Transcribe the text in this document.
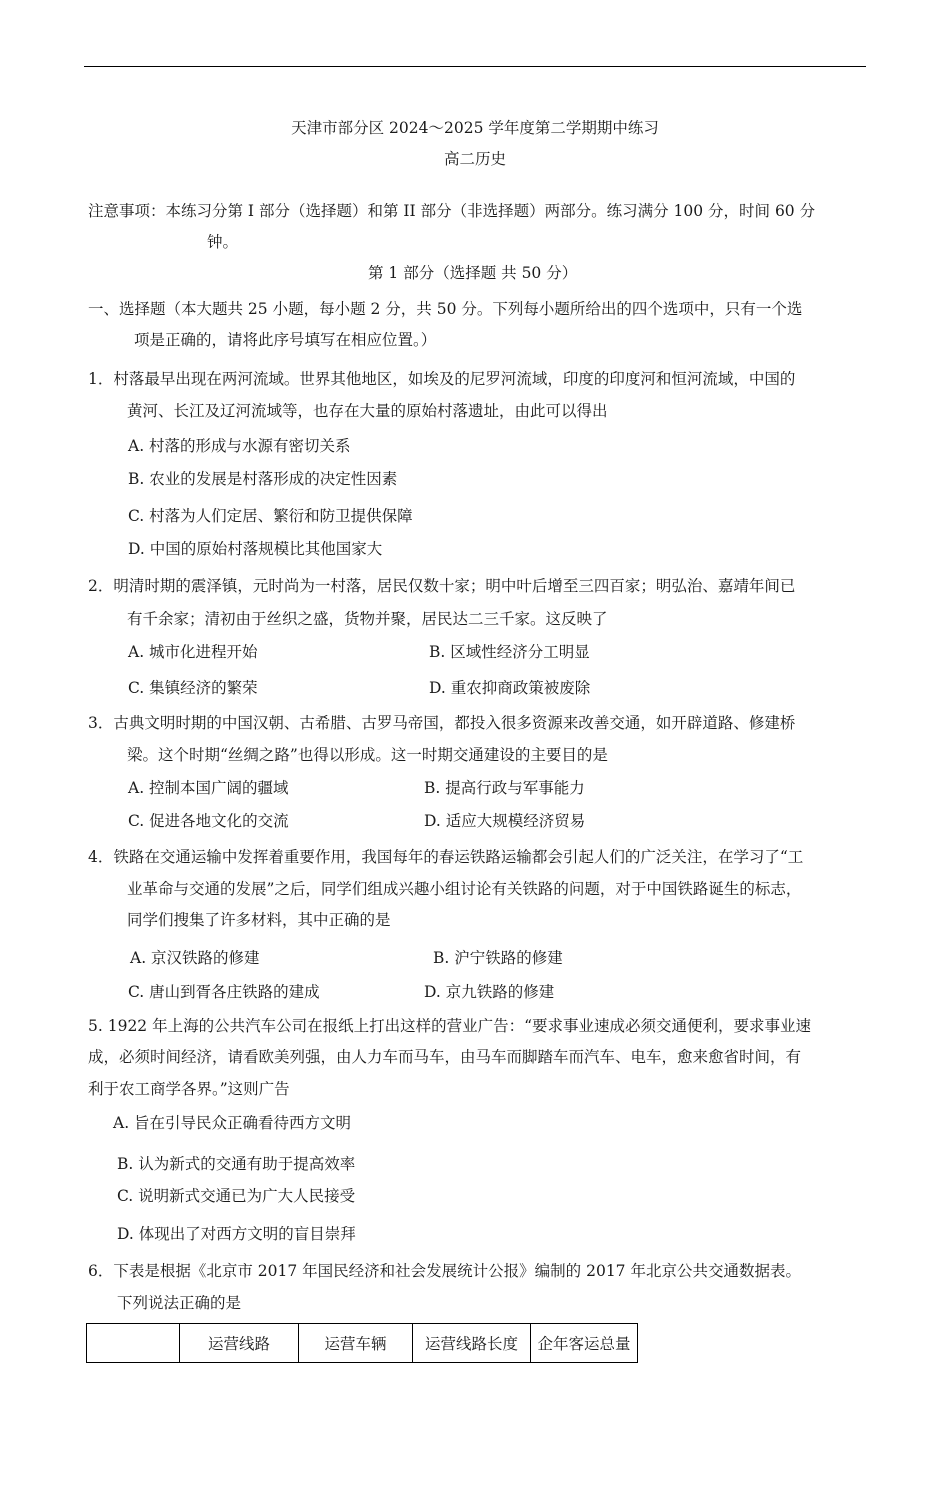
天津市部分区 2024～2025 学年度第二学期期中练习
高二历史
注意事项：本练习分第 I 部分（选择题）和第 II 部分（非选择题）两部分。练习满分 100 分，时间 60 分
钟。
第 1 部分（选择题 共 50 分）
一、选择题（本大题共 25 小题，每小题 2 分，共 50 分。下列每小题所给出的四个选项中，只有一个选
项是正确的，请将此序号填写在相应位置。）
1．村落最早出现在两河流域。世界其他地区，如埃及的尼罗河流域，印度的印度河和恒河流域，中国的
黄河、长江及辽河流域等，也存在大量的原始村落遗址，由此可以得出
A. 村落的形成与水源有密切关系
B. 农业的发展是村落形成的决定性因素
C. 村落为人们定居、繁衍和防卫提供保障
D. 中国的原始村落规模比其他国家大
2．明清时期的震泽镇，元时尚为一村落，居民仅数十家；明中叶后增至三四百家；明弘治、嘉靖年间已
有千余家；清初由于丝织之盛，货物并聚，居民达二三千家。这反映了
A. 城市化进程开始	B. 区域性经济分工明显
C. 集镇经济的繁荣	D. 重农抑商政策被废除
3．古典文明时期的中国汉朝、古希腊、古罗马帝国，都投入很多资源来改善交通，如开辟道路、修建桥
梁。这个时期“丝绸之路”也得以形成。这一时期交通建设的主要目的是
A. 控制本国广阔的疆域	B. 提高行政与军事能力
C. 促进各地文化的交流	D. 适应大规模经济贸易
4．铁路在交通运输中发挥着重要作用，我国每年的春运铁路运输都会引起人们的广泛关注，在学习了“工
业革命与交通的发展”之后，同学们组成兴趣小组讨论有关铁路的问题，对于中国铁路诞生的标志，
同学们搜集了许多材料，其中正确的是
A. 京汉铁路的修建	B. 沪宁铁路的修建
C. 唐山到胥各庄铁路的建成	D. 京九铁路的修建
5. 1922 年上海的公共汽车公司在报纸上打出这样的营业广告：“要求事业速成必须交通便利，要求事业速
成，必须时间经济，请看欧美列强，由人力车而马车，由马车而脚踏车而汽车、电车，愈来愈省时间，有
利于农工商学各界。”这则广告
A. 旨在引导民众正确看待西方文明
B. 认为新式的交通有助于提高效率
C. 说明新式交通已为广大人民接受
D. 体现出了对西方文明的盲目崇拜
6．下表是根据《北京市 2017 年国民经济和社会发展统计公报》编制的 2017 年北京公共交通数据表。
下列说法正确的是
	运营线路	运营车辆	运营线路长度	企年客运总量
